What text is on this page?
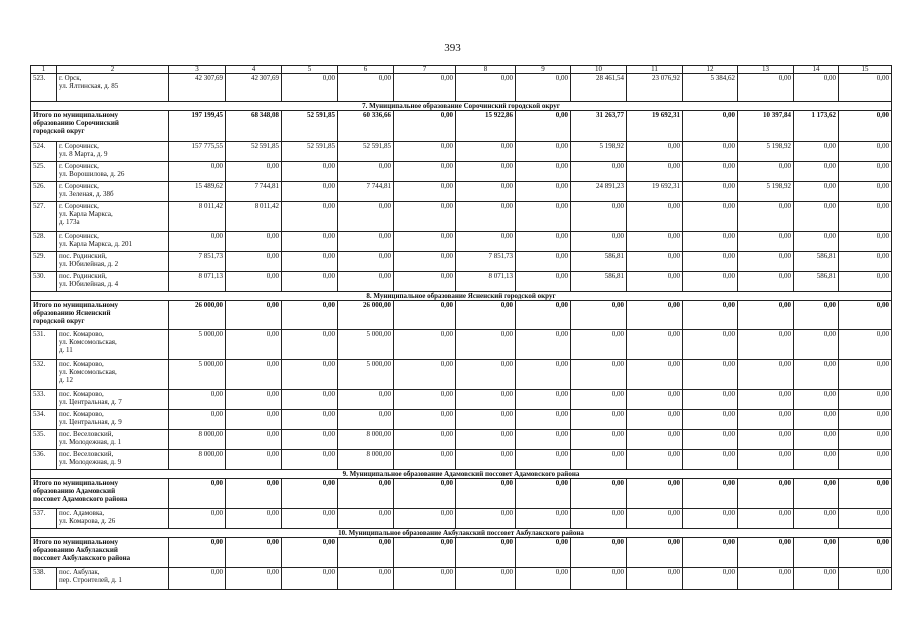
393
1	2	3	4	5	6	7	8	9	10	11	12	13	14	15
523.	г. Орск,
ул. Ялтинская, д. 85	42 307,69	42 307,69	0,00	0,00	0,00	0,00	0,00	28 461,54	23 076,92	5 384,62	0,00	0,00	0,00
7. Муниципальное образование Сорочинский городской округ														

Итого по муниципальному
образованию Сорочинский
городской округ		197 199,45	68 348,08	52 591,85	60 336,66	0,00	15 922,86	0,00	31 263,77	19 692,31	0,00	10 397,84	1 173,62	0,00
524.	г. Сорочинск,
ул. 8 Марта, д. 9	157 775,55	52 591,85	52 591,85	52 591,85	0,00	0,00	0,00	5 198,92	0,00	0,00	5 198,92	0,00	0,00
525.	г. Сорочинск,
ул. Ворошилова, д. 26	0,00	0,00	0,00	0,00	0,00	0,00	0,00	0,00	0,00	0,00	0,00	0,00	0,00
526.	г. Сорочинск,
ул. Зеленая, д. 38б	15 489,62	7 744,81	0,00	7 744,81	0,00	0,00	0,00	24 891,23	19 692,31	0,00	5 198,92	0,00	0,00
527.	г. Сорочинск,
ул. Карла Маркса,
д. 173а	8 011,42	8 011,42	0,00	0,00	0,00	0,00	0,00	0,00	0,00	0,00	0,00	0,00	0,00
528.	г. Сорочинск,
ул. Карла Маркса, д. 201	0,00	0,00	0,00	0,00	0,00	0,00	0,00	0,00	0,00	0,00	0,00	0,00	0,00
529.	пос. Родинский,
ул. Юбилейная, д. 2	7 851,73	0,00	0,00	0,00	0,00	7 851,73	0,00	586,81	0,00	0,00	0,00	586,81	0,00
530.	пос. Родинский,
ул. Юбилейная, д. 4	8 071,13	0,00	0,00	0,00	0,00	8 071,13	0,00	586,81	0,00	0,00	0,00	586,81	0,00
8. Муниципальное образование Ясненский городской округ														

Итого по муниципальному
образованию Ясненский
городской округ		26 000,00	0,00	0,00	26 000,00	0,00	0,00	0,00	0,00	0,00	0,00	0,00	0,00	0,00
531.	пос. Комарово,
ул. Комсомольская,
д. 11	5 000,00	0,00	0,00	5 000,00	0,00	0,00	0,00	0,00	0,00	0,00	0,00	0,00	0,00
532.	пос. Комарово,
ул. Комсомольская,
д. 12	5 000,00	0,00	0,00	5 000,00	0,00	0,00	0,00	0,00	0,00	0,00	0,00	0,00	0,00
533.	пос. Комарово,
ул. Центральная, д. 7	0,00	0,00	0,00	0,00	0,00	0,00	0,00	0,00	0,00	0,00	0,00	0,00	0,00
534.	пос. Комарово,
ул. Центральная, д. 9	0,00	0,00	0,00	0,00	0,00	0,00	0,00	0,00	0,00	0,00	0,00	0,00	0,00
535.	пос. Веселовский,
ул. Молодежная, д. 1	8 000,00	0,00	0,00	8 000,00	0,00	0,00	0,00	0,00	0,00	0,00	0,00	0,00	0,00
536.	пос. Веселовский,
ул. Молодежная, д. 9	8 000,00	0,00	0,00	8 000,00	0,00	0,00	0,00	0,00	0,00	0,00	0,00	0,00	0,00
9. Муниципальное образование Адамовский поссовет Адамовского района														

Итого по муниципальному
образованию Адамовский
поссовет Адамовского района		0,00	0,00	0,00	0,00	0,00	0,00	0,00	0,00	0,00	0,00	0,00	0,00	0,00
537.	пос. Адамовка,
ул. Комарова, д. 26	0,00	0,00	0,00	0,00	0,00	0,00	0,00	0,00	0,00	0,00	0,00	0,00	0,00
10. Муниципальное образование Акбулакский поссовет Акбулакского района														

Итого по муниципальному
образованию Акбулакский
поссовет Акбулакского района		0,00	0,00	0,00	0,00	0,00	0,00	0,00	0,00	0,00	0,00	0,00	0,00	0,00
538.	пос. Акбулак,
пер. Строителей, д. 1	0,00	0,00	0,00	0,00	0,00	0,00	0,00	0,00	0,00	0,00	0,00	0,00	0,00
